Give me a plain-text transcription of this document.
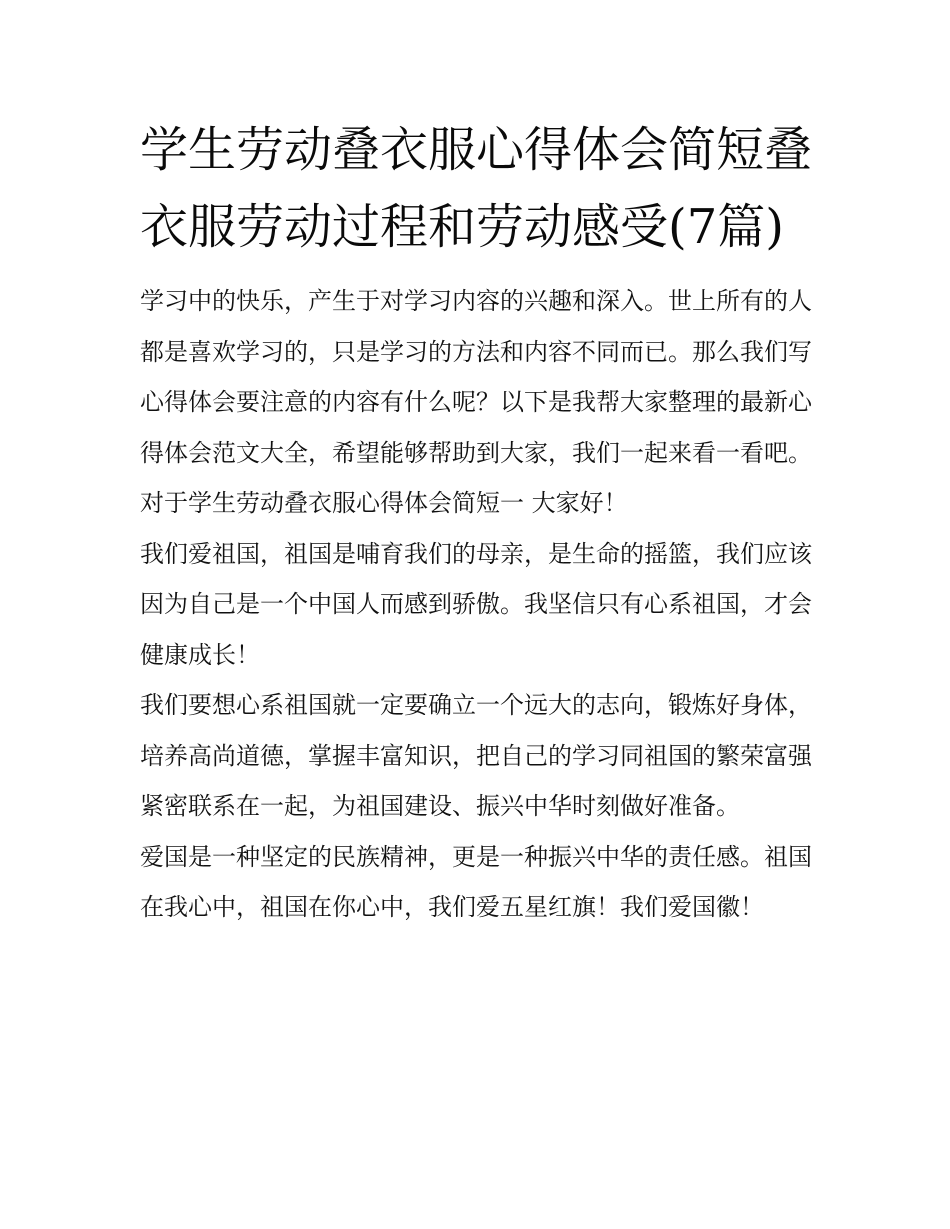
学生劳动叠衣服心得体会简短叠衣服劳动过程和劳动感受(7篇)

学习中的快乐，产生于对学习内容的兴趣和深入。世上所有的人都是喜欢学习的，只是学习的方法和内容不同而已。那么我们写心得体会要注意的内容有什么呢？以下是我帮大家整理的最新心得体会范文大全，希望能够帮助到大家，我们一起来看一看吧。

对于学生劳动叠衣服心得体会简短一 大家好！

我们爱祖国，祖国是哺育我们的母亲，是生命的摇篮，我们应该因为自己是一个中国人而感到骄傲。我坚信只有心系祖国，才会健康成长！

我们要想心系祖国就一定要确立一个远大的志向，锻炼好身体，培养高尚道德，掌握丰富知识，把自己的学习同祖国的繁荣富强紧密联系在一起，为祖国建设、振兴中华时刻做好准备。

爱国是一种坚定的民族精神，更是一种振兴中华的责任感。祖国在我心中，祖国在你心中，我们爱五星红旗！我们爱国徽！
